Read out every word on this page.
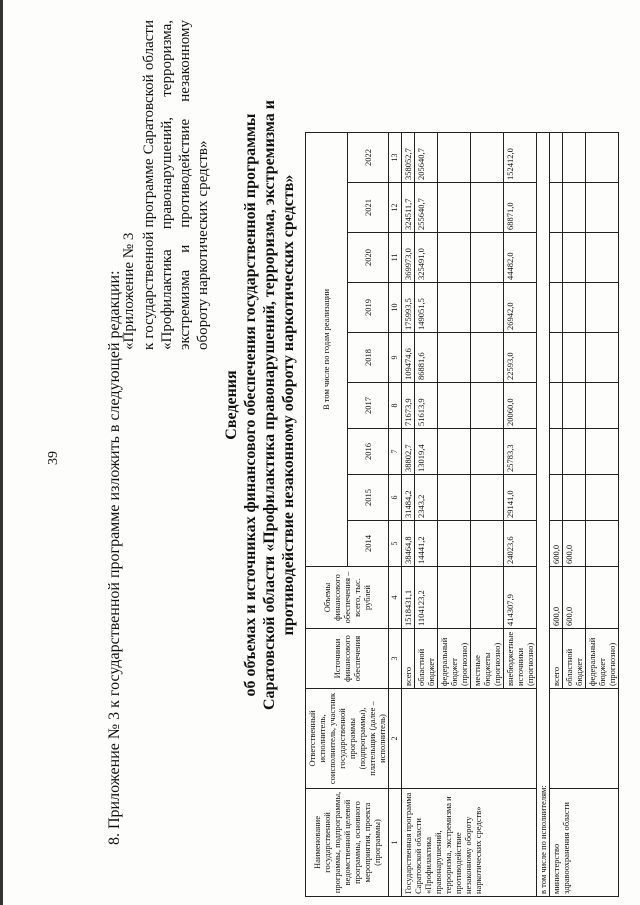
39	8. Приложение № 3 к государственной программе изложить в следующей редакции:
«Приложение № 3 к государственной программе Саратовской области «Профилактика правонарушений, терроризма, экстремизма и противодействие незаконному обороту наркотических средств»
Сведения об объемах и источниках финансового обеспечения государственной программы Саратовской области «Профилактика правонарушений, терроризма, экстремизма и противодействие незаконному обороту наркотических средств»
Наименование государственной программы, подпрограммы, ведомственной целевой программы, основного мероприятия, проекта (программы)	Ответственный исполнитель, соисполнитель, участник государственной программы (подпрограммы), плательщик (далее – исполнитель)	Источники финансового обеспечения	Объемы финансового обеспечения – всего, тыс. рублей	В том числе по годам реализации								
				2014	2015	2016	2017	2018	2019	2020	2021	2022
1	2	3	4	5	6	7	8	9	10	11	12	13
Государственная программа Саратовской области «Профилактика правонарушений, терроризма, экстремизма и противодействие незаконному обороту наркотических средств»		всего	1518431,1	38464,8	31484,2	38802,7	71673,9	109474,6	175993,5	369973,0	324511,7	358052,7
		областной бюджет	1104123,2	14441,2	2343,2	13019,4	51613,9	86881,6	149051,5	325491,0	255640,7	205640,7
		федеральный бюджет (прогнозно)										
		местные бюджеты (прогнозно)										
		внебюджетные источники (прогнозно)	414307,9	24023,6	29141,0	25783,3	20060,0	22593,0	26942,0	44482,0	68871,0	152412,0
в том числе по исполнителям:												
министерство здравоохранения области		всего	600,0	600,0								
		областной бюджет	600,0	600,0								
		федеральный бюджет (прогнозно)										
